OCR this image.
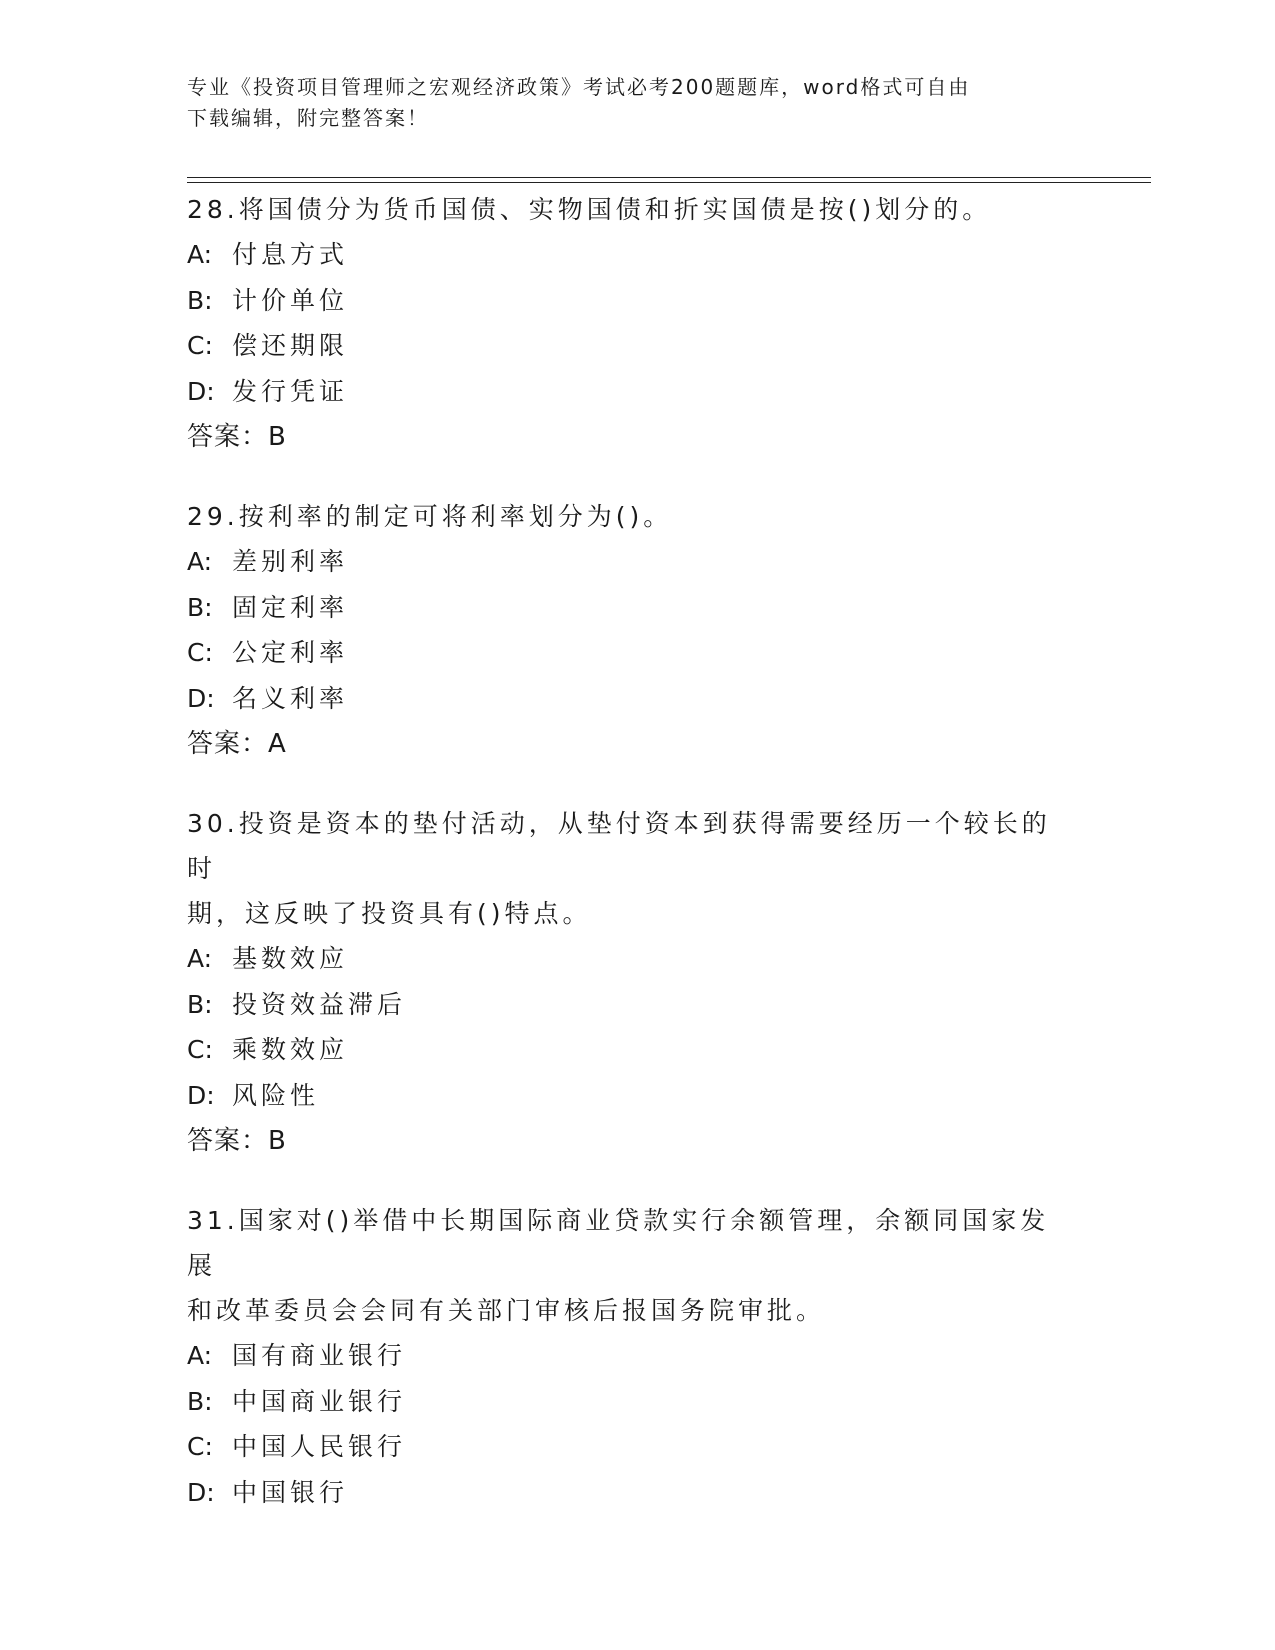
专业《投资项目管理师之宏观经济政策》考试必考200题题库，word格式可自由
下载编辑，附完整答案！
28.将国债分为货币国债、实物国债和折实国债是按()划分的。
A: 付息方式
B: 计价单位
C: 偿还期限
D: 发行凭证
答案：B
29.按利率的制定可将利率划分为()。
A: 差别利率
B: 固定利率
C: 公定利率
D: 名义利率
答案：A
30.投资是资本的垫付活动，从垫付资本到获得需要经历一个较长的时
期，这反映了投资具有()特点。
A: 基数效应
B: 投资效益滞后
C: 乘数效应
D: 风险性
答案：B
31.国家对()举借中长期国际商业贷款实行余额管理，余额同国家发展
和改革委员会会同有关部门审核后报国务院审批。
A: 国有商业银行
B: 中国商业银行
C: 中国人民银行
D: 中国银行
